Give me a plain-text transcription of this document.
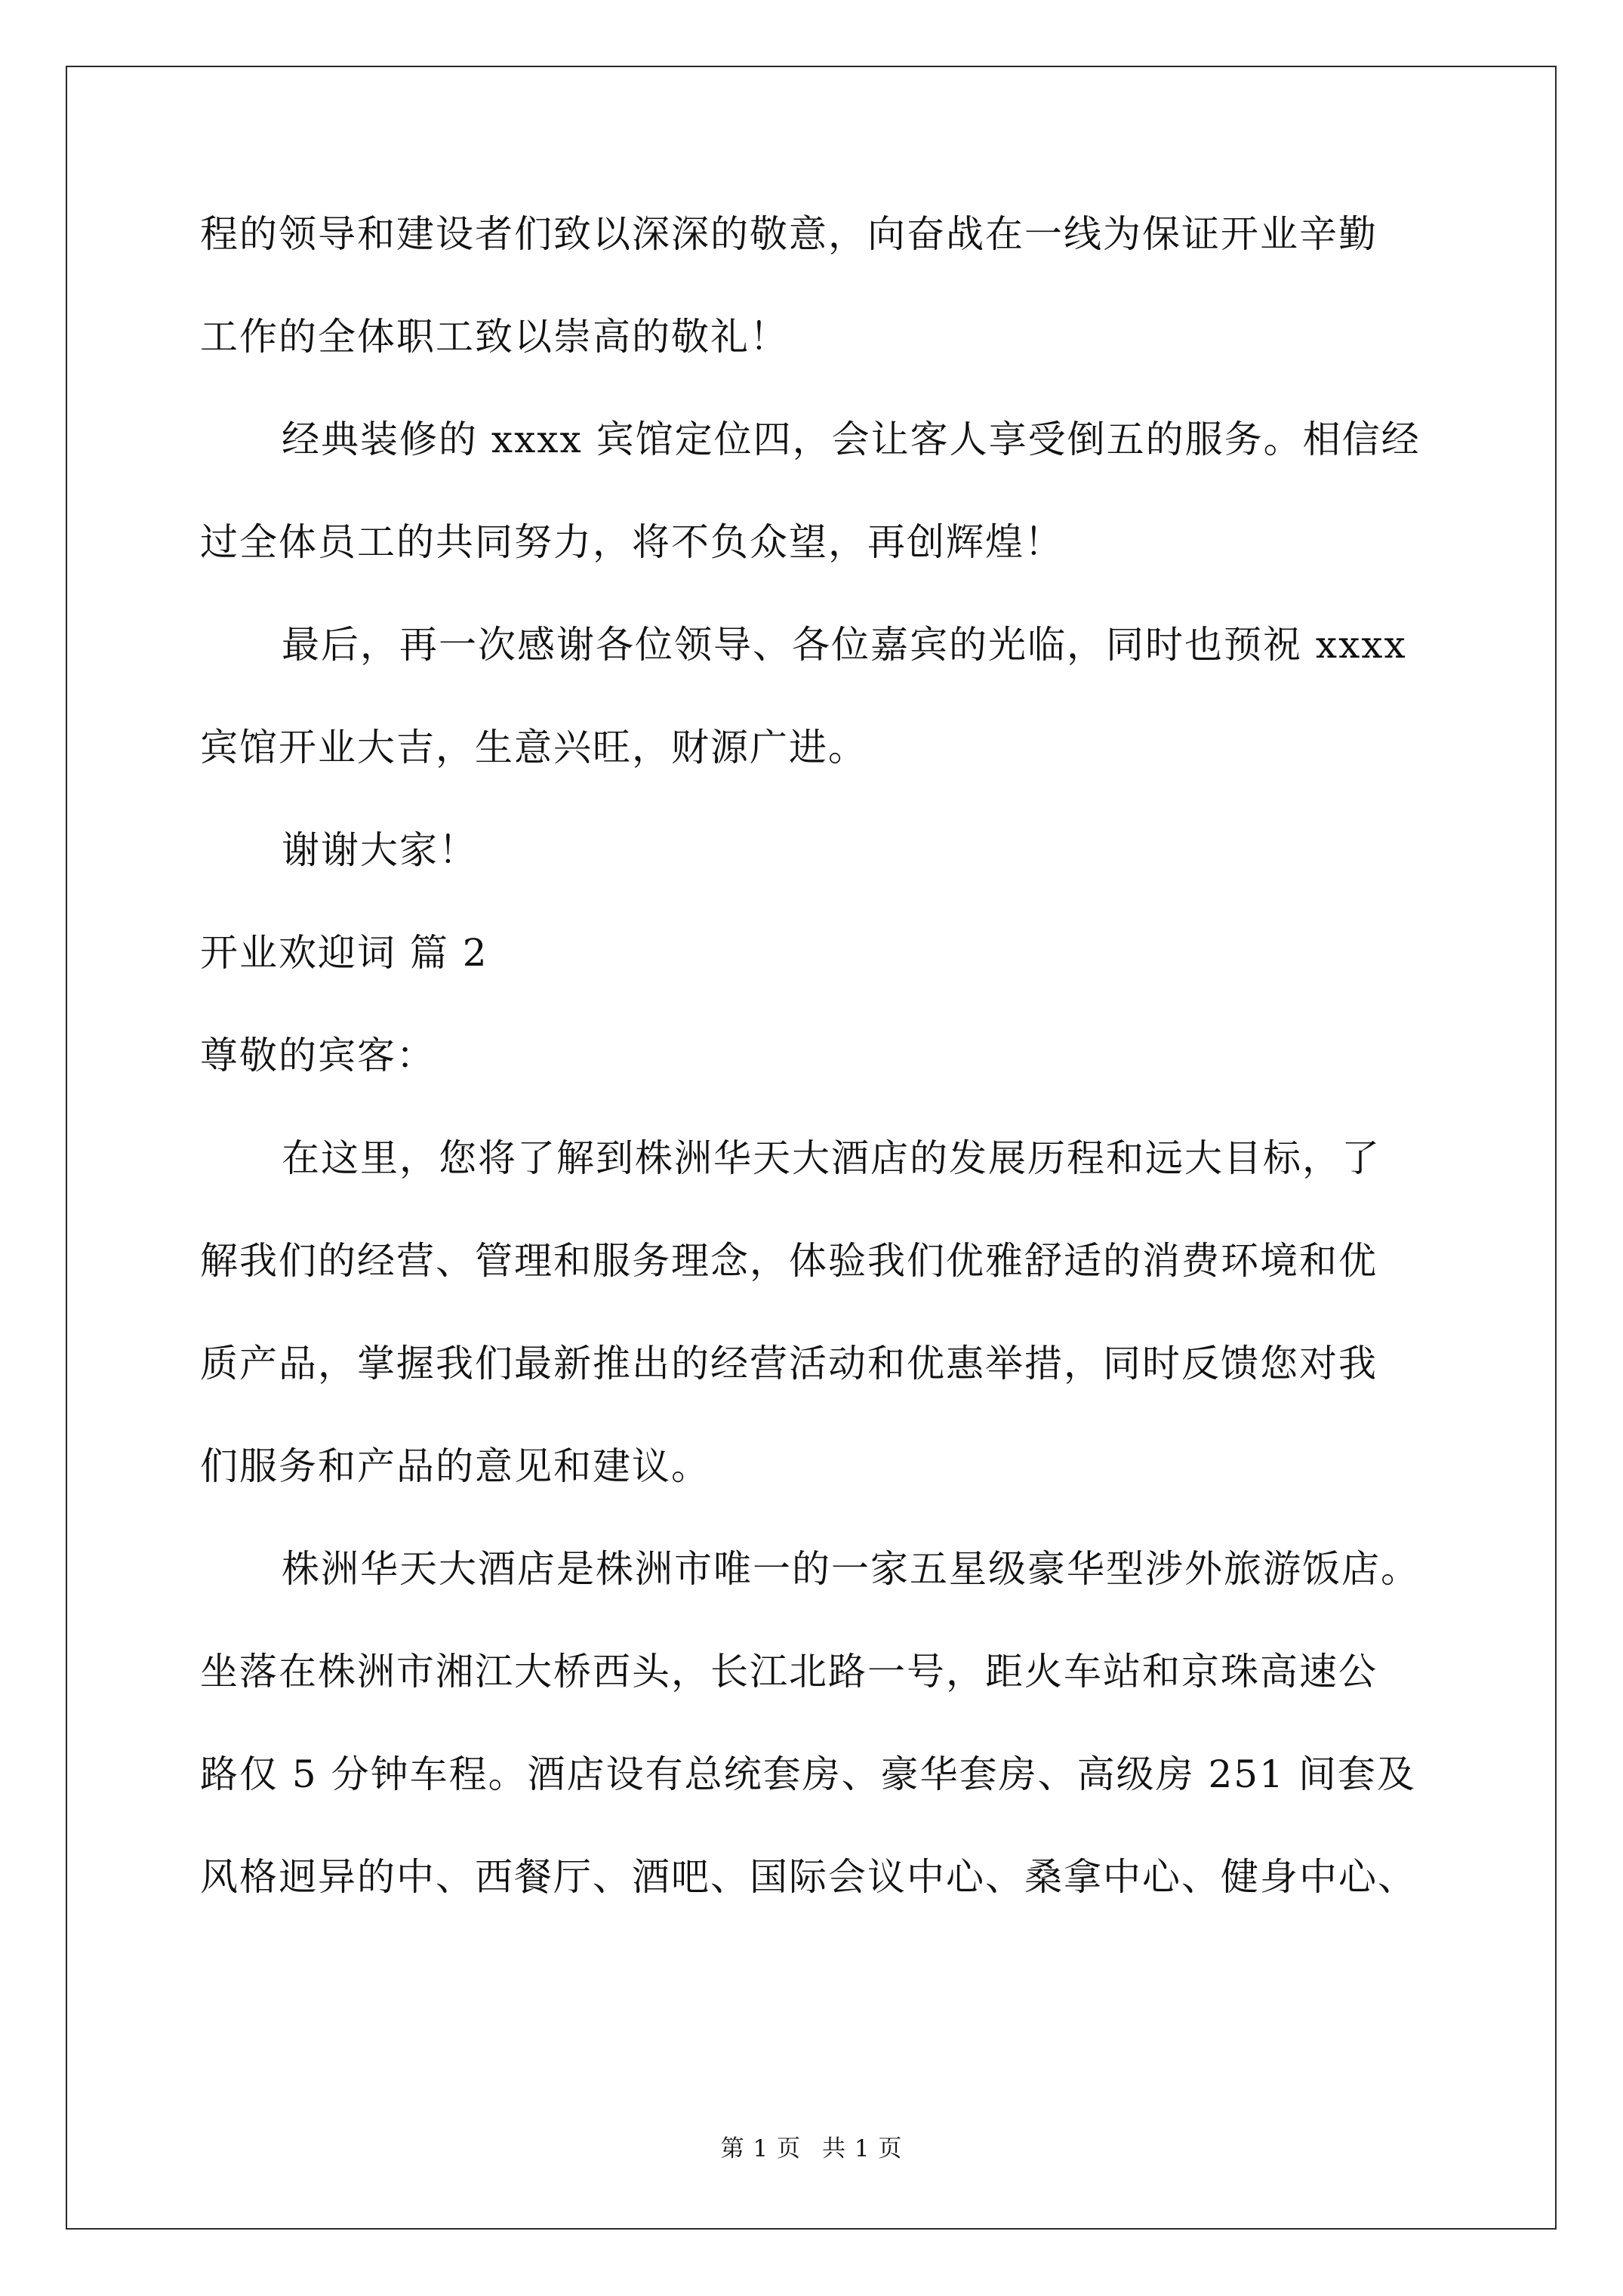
程的领导和建设者们致以深深的敬意，向奋战在一线为保证开业辛勤
工作的全体职工致以崇高的敬礼！
经典装修的 xxxx 宾馆定位四，会让客人享受倒五的服务。相信经
过全体员工的共同努力，将不负众望，再创辉煌！
最后，再一次感谢各位领导、各位嘉宾的光临，同时也预祝 xxxx
宾馆开业大吉，生意兴旺，财源广进。
谢谢大家！
开业欢迎词 篇 2
尊敬的宾客：
在这里，您将了解到株洲华天大酒店的发展历程和远大目标，了
解我们的经营、管理和服务理念，体验我们优雅舒适的消费环境和优
质产品，掌握我们最新推出的经营活动和优惠举措，同时反馈您对我
们服务和产品的意见和建议。
株洲华天大酒店是株洲市唯一的一家五星级豪华型涉外旅游饭店。
坐落在株洲市湘江大桥西头，长江北路一号，距火车站和京珠高速公
路仅 5 分钟车程。酒店设有总统套房、豪华套房、高级房 251 间套及
风格迥异的中、西餐厅、酒吧、国际会议中心、桑拿中心、健身中心、
第 1 页 共 1 页
